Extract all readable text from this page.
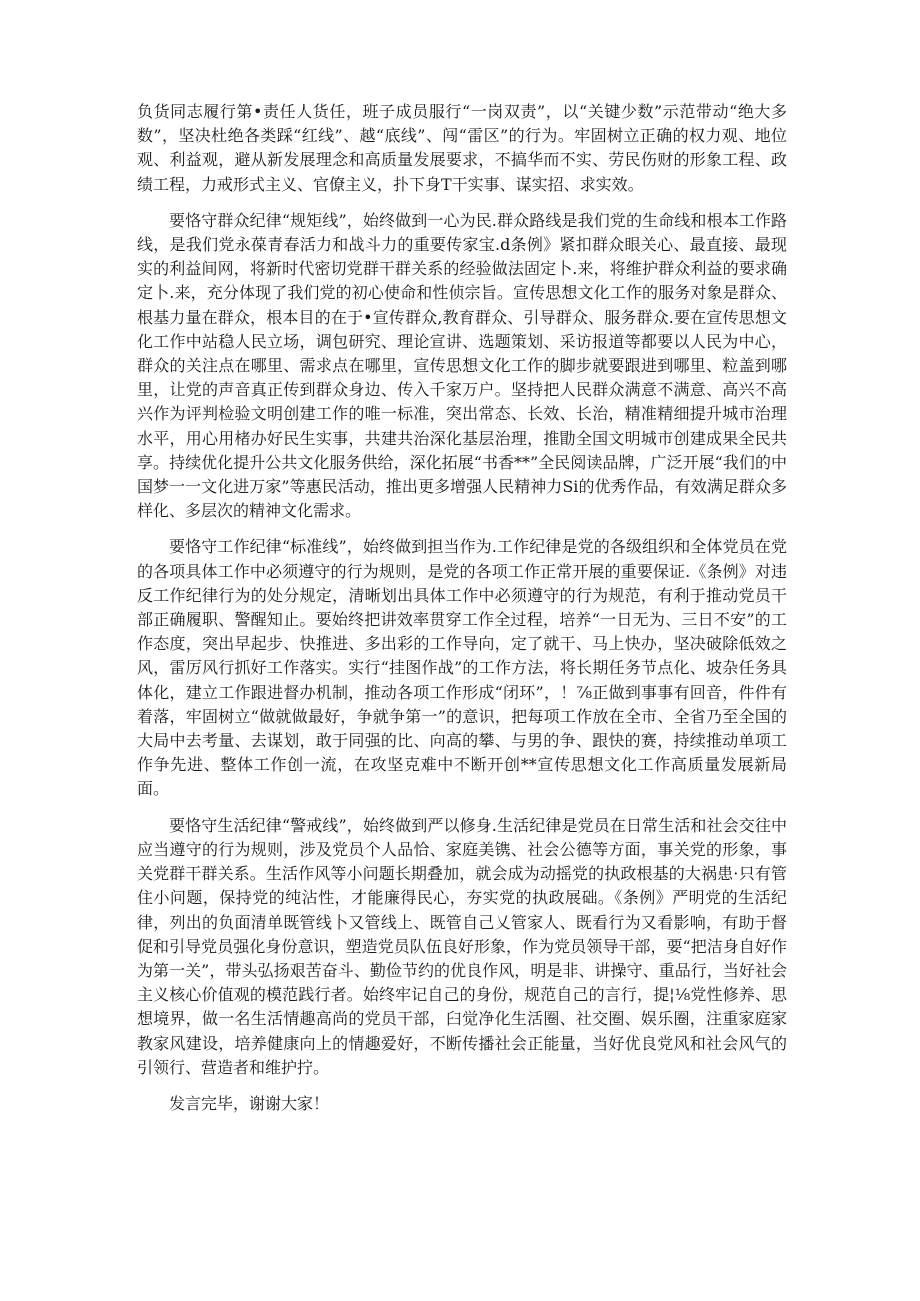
负货同志履行第•责任人货任，班子成员服行“一岗双责”，以“关键少数”示范带动“绝大多数”，坚决杜绝各类踩“红线”、越“底线”、闯“雷区”的行为。牢固树立正确的权力观、地位观、利益观，避从新发展理念和高质量发展要求，不搞华而不实、劳民伤财的形象工程、政绩工程，力戒形式主义、官僚主义，扑下身T干实事、谋实招、求实效。

要恪守群众纪律“规矩线”，始终做到一心为民.群众路线是我们党的生命线和根本工作路线，是我们党永葆青春活力和战斗力的重要传家宝.d条例》紧扣群众眼关心、最直接、最现实的利益间网，将新时代密切党群干群关系的经验做法固定卜.来，将维护群众利益的要求确定卜.来，充分体现了我们党的初心使命和性侦宗旨。宣传思想文化工作的服务对象是群众、根基力量在群众，根本目的在于•宣传群众,教育群众、引导群众、服务群众.要在宣传思想文化工作中站稳人民立场，调包研究、理论宣讲、选题策划、采访报道等都要以人民为中心，群众的关注点在哪里、需求点在哪里，宣传思想文化工作的脚步就要跟进到哪里、粒盖到哪里，让党的声音真正传到群众身边、传入千家万户。坚持把人民群众满意不满意、高兴不高兴作为评判检验文明创建工作的唯一标准，突出常态、长效、长治，精准精细提升城市治理水平，用心用楮办好民生实事，共建共治深化基层治理，推勖全国文明城市创建成果全民共享。持续优化提升公共文化服务供给，深化拓展“书香**”全民阅读品牌，广泛开展“我们的中国梦一一文化进万家”等惠民活动，推出更多增强人民精神力Si的优秀作品，有效满足群众多样化、多层次的精神文化需求。

要恪守工作纪律“标准线”，始终做到担当作为.工作纪律是党的各级组织和全体党员在党的各项具体工作中必须遵守的行为规则，是党的各项工作正常开展的重要保证.《条例》对违反工作纪律行为的处分规定，清晰划出具体工作中必须遵守的行为规范，有利于推动党员干部正确履职、警醒知止。要始终把讲效率贯穿工作全过程，培养“一日无为、三日不安”的工作态度，突出早起步、快推进、多出彩的工作导向，定了就干、马上快办，坚决破除低效之风，雷厉风行抓好工作落实。实行“挂图作战”的工作方法，将长期任务节点化、坡杂任务具体化，建立工作跟进督办机制，推动各项工作形成“闭环”，！⅞正做到事事有回音，件件有着落，牢固树立“做就做最好，争就争第一”的意识，把每项工作放在全市、全省乃至全国的大局中去考量、去谋划，敢于同强的比、向高的攀、与男的争、跟快的赛，持续推动单项工作争先进、整体工作创一流，在攻坚克难中不断开创**宣传思想文化工作高质量发展新局面。

要恪守生活纪律“警戒线”，始终做到严以修身.生活纪律是党员在日常生活和社会交往中应当遵守的行为规则，涉及党员个人品恰、家庭美镌、社会公德等方面，事关党的形象，事关党群干群关系。生活作风等小问题长期叠加，就会成为动摇党的执政根基的大祸患⋅只有管住小问题，保持党的纯沾性，才能廉得民心，夯实党的执政展础。《条例》严明党的生活纪律，列出的负面清单既管线卜又管线上、既管自己乂管家人、既看行为又看影响，有助于督促和引导党员强化身份意识，塑造党员队伍良好形象，作为党员领导干部，要“把洁身自好作为第一关”，带头弘扬艰苦奋斗、勤俭节约的优良作风，明是非、讲操守、重品行，当好社会主义核心价值观的模范践行者。始终牢记自己的身份，规范自己的言行，提¦⅛党性修养、思想境界，做一名生活情趣高尚的党员干部，臼觉净化生活圈、社交圈、娱乐圈，注重家庭家教家风建设，培养健康向上的情趣爱好，不断传播社会正能量，当好优良党风和社会风气的引领行、营造者和维护拧。

发言完毕，谢谢大家！
